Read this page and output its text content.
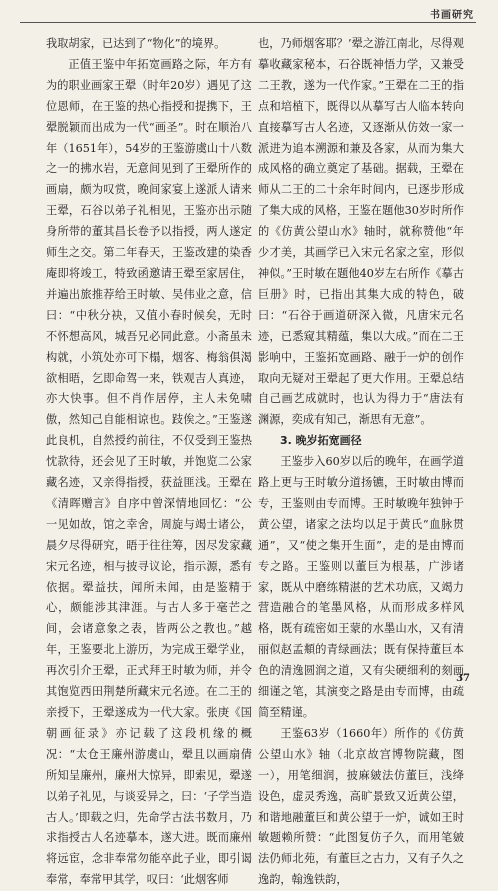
书画研究

我取胡家，已达到了“物化”的境界。

正值王鉴中年拓宽画路之际，年方有为的职业画家王翚（时年20岁）遇见了这位恩师，在王鉴的热心指授和提携下，王翚脱颖而出成为一代“画圣”。时在顺治八年（1651年），54岁的王鉴游虞山十八数之一的拂水岩，无意间见到了王翚所作的画扇，颇为叹赏，晚间家宴上遂派人请来王翚，石谷以弟子礼相见，王鉴亦出示随身所带的董其昌长卷予以指授，两人遂定师生之交。第二年春天，王鉴改建的染香庵即将竣工，特致函邀请王翚至家居住，并遍出旅推荐给王时敏、吴伟业之意，信曰：“中秋分袂，又值小春时候矣，无时不怀想高风，城吾兄必同此意。小斋虽未构就，小筑处亦可下榻，烟客、梅翁俱渴欲相晤，乞即命驾一来，铁观吉人真迹，亦大快事。但不肖作居停，主人未免啸傲，然知己自能相谅也。跂俟之。”王鉴遂此良机，自然授约前往，不仅受到王鉴热忱款待，还会见了王时敏，并饱览二公家藏名迹，又亲得指授，获益匪浅。王翚在《清晖赠言》自序中曾深情地回忆：“公一见如故，馆之幸舍，周旋与竭士诸公，晨夕尽得研究，晤于往往筹，因尽发家藏宋元名迹，相与披寻议论，指示源，悉有依据。翚益扶，闻所未闻，由是鉴精于心，颇能涉其津涯。与古人多于毫芒之间，会诸意象之表，皆两公之教也。”越年，王鉴要北上游历，为完成王翚学业，再次引介王翚，正式拜王时敏为师，并令其饱览西田荆楚所藏宋元名迹。在二王的亲授下，王翚遂成为一代大家。张庚《国朝画征录》亦记载了这段机缘的概况：“太仓王廉州游虞山，翚且以画扇倩所知呈廉州，廉州大惊异，即索见，翚遂以弟子礼见，与谈妥异之，曰：‘子学当造古人。’即载之归，先命学古法书数月，乃求指授古人名迹摹本，遂大进。既而廉州将远宦，念非奉常勿能卒此子业，即引谒奉常，奉常甲其学，叹曰：‘此烟客师

也，乃师烟客耶？’翚之游江南北，尽得观摹收藏家秘本，石谷既神悟力学，又兼受二王教，遂为一代作家。”王翚在二王的指点和培植下，既得以从摹写古人临本转向直接摹写古人名迹，又逐渐从仿效一家一派进为追本溯源和兼及各家，从而为集大成风格的确立奠定了基础。据载，王翚在师从二王的二十余年时间内，已逐步形成了集大成的风格，王鉴在题他30岁时所作的《仿黄公望山水》轴时，就称赞他“年少才美，其画学已入宋元名家之室，形似神似。”王时敏在题他40岁左右所作《摹古巨册》时，已指出其集大成的特色，破曰：“石谷于画道研深入微，凡唐宋元名迹，已悉窥其精蕴，集以大成。”而在二王影响中，王鉴拓宽画路、融于一炉的创作取向无疑对王翚起了更大作用。王翚总结自己画艺成就时，也认为得力于“唐法有渊源，奕成有知己，渐思有无意”。

3. 晚岁拓宽画径

王鉴步入60岁以后的晚年，在画学道路上更与王时敏分道扬镳，王时敏由博而专，王鉴则由专而博。王时敏晚年独钟于黄公望，诸家之法均以足于黄氏“血脉贯通”，又“使之集开生面”，走的是由博而专之路。王鉴则以董巨为根基，广涉诸家，既从中磨练精湛的艺术功底，又竭力营造融合的笔墨风格，从而形成多样风格，既有疏密如王蒙的水墨山水，又有清丽似赵孟頫的青绿画法；既有保持董巨本色的清逸圆润之道，又有尖硬细利的刻画细谨之笔，其演变之路是由专而博，由疏简至精谨。

王鉴63岁（1660年）所作的《仿黄公望山水》轴（北京故宫博物院藏，图一），用笔细润，披麻皴法仿董巨，浅绛设色，虚灵秀逸，高旷景致又近黄公望，和谐地融董巨和黄公望于一炉，诚如王时敏题赖所赞：“此图复仿子久，而用笔皴法仍师北苑，有董巨之古力，又有子久之逸韵，翰逸铁韵，

37
